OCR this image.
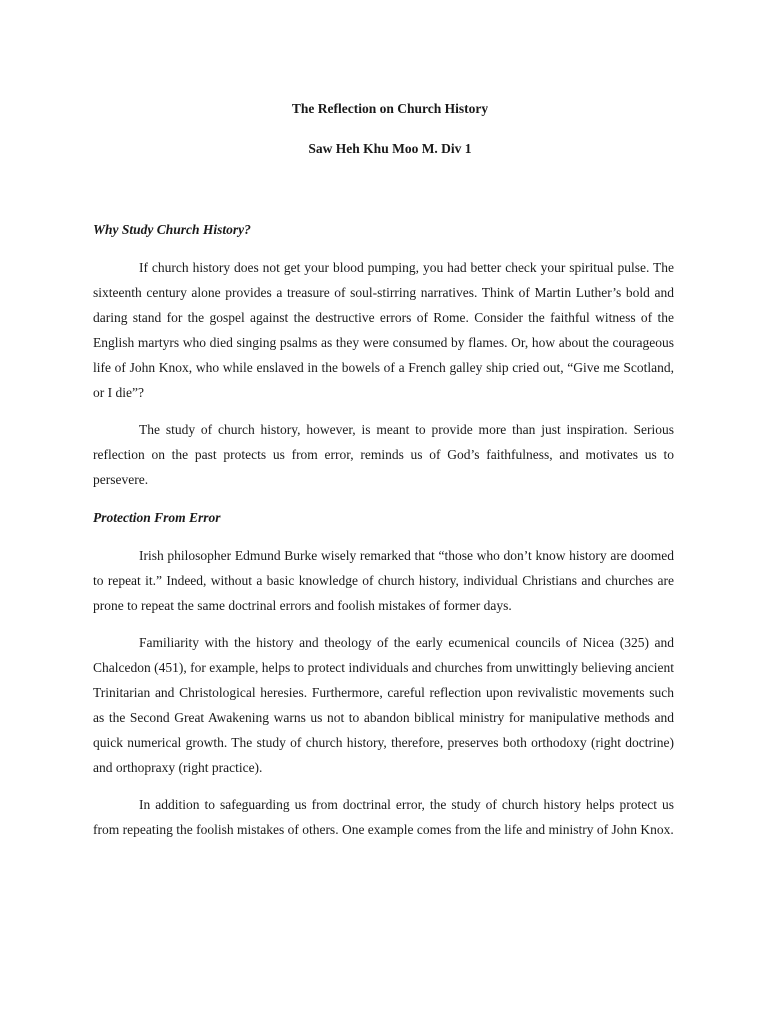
The Reflection on Church History
Saw Heh Khu Moo M. Div 1
Why Study Church History?

If church history does not get your blood pumping, you had better check your spiritual pulse. The sixteenth century alone provides a treasure of soul-stirring narratives. Think of Martin Luther’s bold and daring stand for the gospel against the destructive errors of Rome. Consider the faithful witness of the English martyrs who died singing psalms as they were consumed by flames. Or, how about the courageous life of John Knox, who while enslaved in the bowels of a French galley ship cried out, “Give me Scotland, or I die”?

The study of church history, however, is meant to provide more than just inspiration. Serious reflection on the past protects us from error, reminds us of God’s faithfulness, and motivates us to persevere.

Protection From Error

Irish philosopher Edmund Burke wisely remarked that “those who don’t know history are doomed to repeat it.” Indeed, without a basic knowledge of church history, individual Christians and churches are prone to repeat the same doctrinal errors and foolish mistakes of former days.

Familiarity with the history and theology of the early ecumenical councils of Nicea (325) and Chalcedon (451), for example, helps to protect individuals and churches from unwittingly believing ancient Trinitarian and Christological heresies. Furthermore, careful reflection upon revivalistic movements such as the Second Great Awakening warns us not to abandon biblical ministry for manipulative methods and quick numerical growth. The study of church history, therefore, preserves both orthodoxy (right doctrine) and orthopraxy (right practice).

In addition to safeguarding us from doctrinal error, the study of church history helps protect us from repeating the foolish mistakes of others. One example comes from the life and ministry of John Knox.
